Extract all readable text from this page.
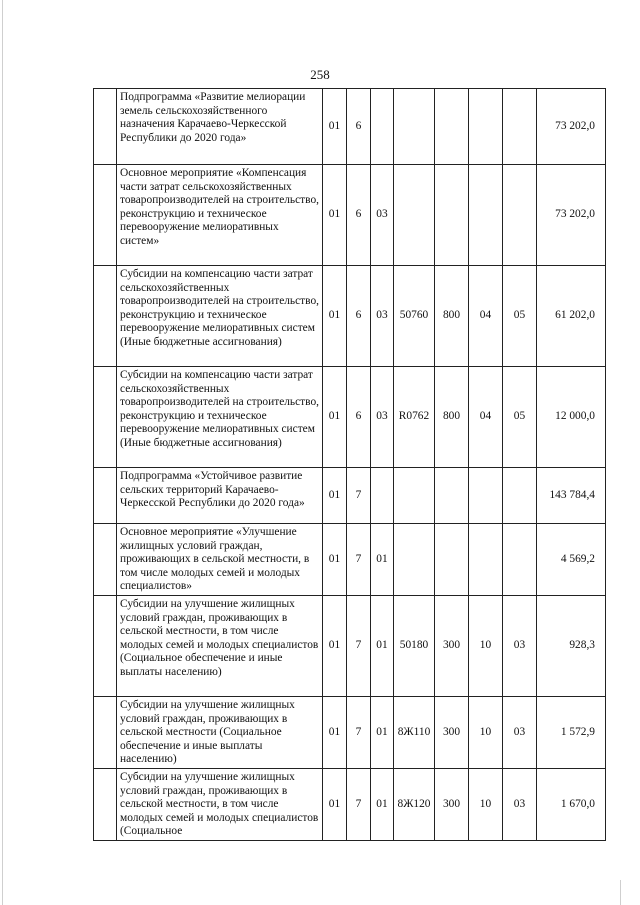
258
	Подпрограмма «Развитие мелиорации земель сельскохозяйственного назначения Карачаево-Черкесской Республики до 2020 года»	01	6						73 202,0
	Основное мероприятие «Компенсация части затрат сельскохозяйственных товаропроизводителей на строительство, реконструкцию и техническое перевооружение мелиоративных систем»	01	6	03					73 202,0
	Субсидии на компенсацию части затрат сельскохозяйственных товаропроизводителей на строительство, реконструкцию и техническое перевооружение мелиоративных систем (Иные бюджетные ассигнования)	01	6	03	50760	800	04	05	61 202,0
	Субсидии на компенсацию части затрат сельскохозяйственных товаропроизводителей на строительство, реконструкцию и техническое перевооружение мелиоративных систем (Иные бюджетные ассигнования)	01	6	03	R0762	800	04	05	12 000,0
	Подпрограмма «Устойчивое развитие сельских территорий Карачаево-Черкесской Республики до 2020 года»	01	7						143 784,4
	Основное мероприятие «Улучшение жилищных условий граждан, проживающих в сельской местности, в том числе молодых семей и молодых специалистов»	01	7	01					4 569,2
	Субсидии на улучшение жилищных условий граждан, проживающих в сельской местности, в том числе молодых семей и молодых специалистов (Социальное обеспечение и иные выплаты населению)	01	7	01	50180	300	10	03	928,3
	Субсидии на улучшение жилищных условий граждан, проживающих в сельской местности (Социальное обеспечение и иные выплаты населению)	01	7	01	8Ж110	300	10	03	1 572,9
	Субсидии на улучшение жилищных условий граждан, проживающих в сельской местности, в том числе молодых семей и молодых специалистов (Социальное	01	7	01	8Ж120	300	10	03	1 670,0
